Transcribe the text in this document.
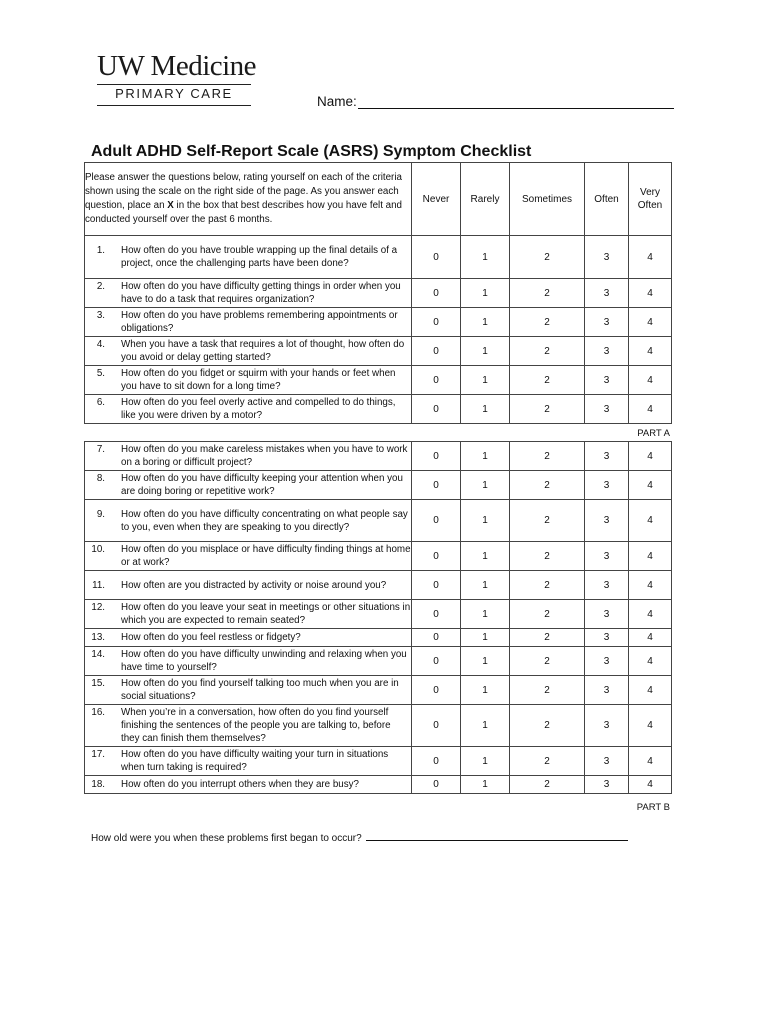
UW Medicine
PRIMARY CARE
Name:
Adult ADHD Self-Report Scale (ASRS) Symptom Checklist
Please answer the questions below, rating yourself on each of the criteria shown using the scale on the right side of the page. As you answer each question, place an X in the box that best describes how you have felt and conducted yourself over the past 6 months.	Never	Rarely	Sometimes	Often	Very Often

1. How often do you have trouble wrapping up the final details of a project, once the challenging parts have been done?	0	1	2	3	4

2. How often do you have difficulty getting things in order when you have to do a task that requires organization?	0	1	2	3	4

3. How often do you have problems remembering appointments or obligations?	0	1	2	3	4

4. When you have a task that requires a lot of thought, how often do you avoid or delay getting started?	0	1	2	3	4

5. How often do you fidget or squirm with your hands or feet when you have to sit down for a long time?	0	1	2	3	4

6. How often do you feel overly active and compelled to do things, like you were driven by a motor?	0	1	2	3	4
PART A
7. How often do you make careless mistakes when you have to work on a boring or difficult project?	0	1	2	3	4

8. How often do you have difficulty keeping your attention when you are doing boring or repetitive work?	0	1	2	3	4

9. How often do you have difficulty concentrating on what people say to you, even when they are speaking to you directly?	0	1	2	3	4

10. How often do you misplace or have difficulty finding things at home or at work?	0	1	2	3	4

11. How often are you distracted by activity or noise around you?	0	1	2	3	4

12. How often do you leave your seat in meetings or other situations in which you are expected to remain seated?	0	1	2	3	4

13. How often do you feel restless or fidgety?	0	1	2	3	4

14. How often do you have difficulty unwinding and relaxing when you have time to yourself?	0	1	2	3	4

15. How often do you find yourself talking too much when you are in social situations?	0	1	2	3	4

16. When you’re in a conversation, how often do you find yourself finishing the sentences of the people you are talking to, before they can finish them themselves?	0	1	2	3	4

17. How often do you have difficulty waiting your turn in situations when turn taking is required?	0	1	2	3	4

18. How often do you interrupt others when they are busy?	0	1	2	3	4
PART B
How old were you when these problems first began to occur?
